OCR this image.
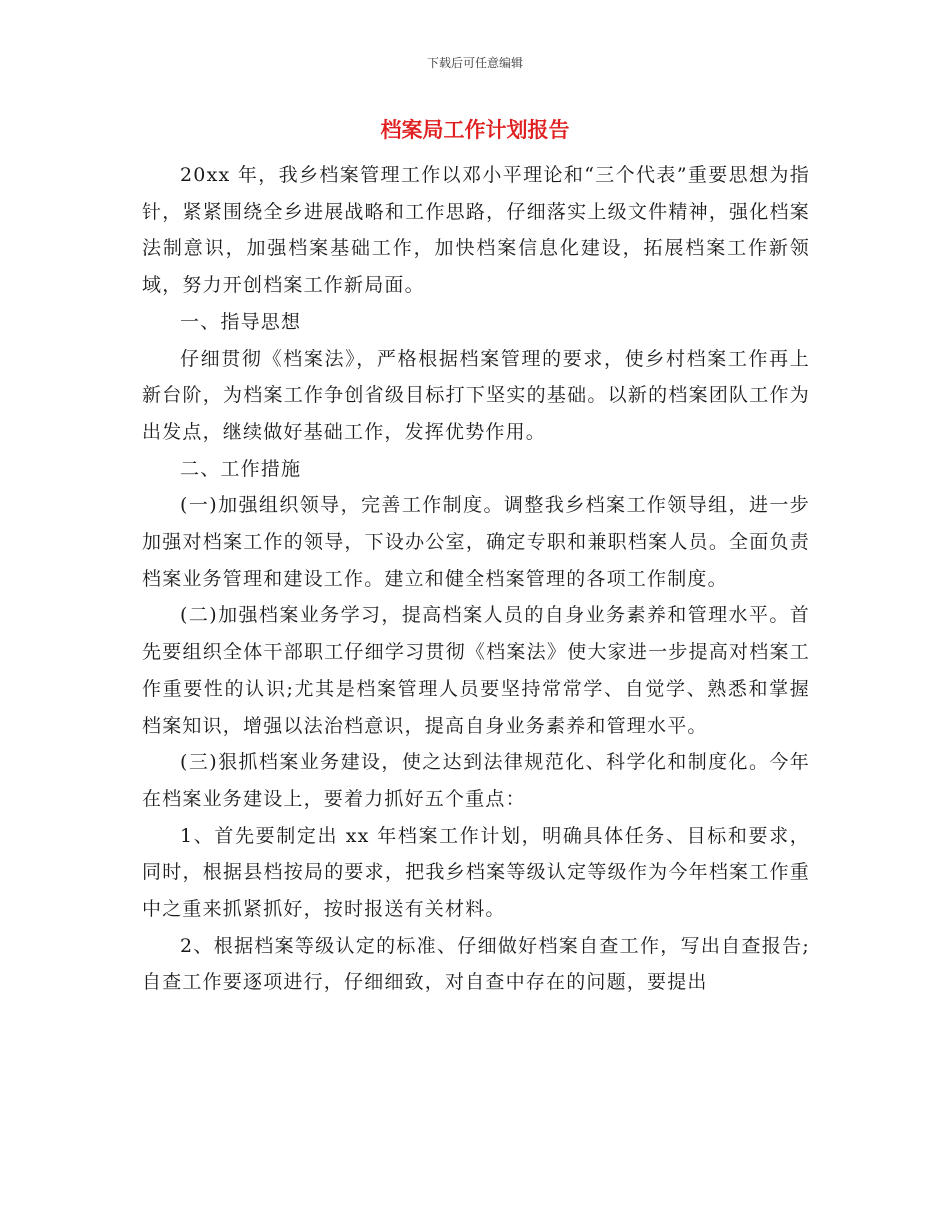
下载后可任意编辑
档案局工作计划报告

20xx 年，我乡档案管理工作以邓小平理论和“三个代表”重要思想为指针，紧紧围绕全乡进展战略和工作思路，仔细落实上级文件精神，强化档案法制意识，加强档案基础工作，加快档案信息化建设，拓展档案工作新领域，努力开创档案工作新局面。

一、指导思想

仔细贯彻《档案法》，严格根据档案管理的要求，使乡村档案工作再上新台阶，为档案工作争创省级目标打下坚实的基础。以新的档案团队工作为出发点，继续做好基础工作，发挥优势作用。

二、工作措施

(一)加强组织领导，完善工作制度。调整我乡档案工作领导组，进一步加强对档案工作的领导，下设办公室，确定专职和兼职档案人员。全面负责档案业务管理和建设工作。建立和健全档案管理的各项工作制度。

(二)加强档案业务学习，提高档案人员的自身业务素养和管理水平。首先要组织全体干部职工仔细学习贯彻《档案法》使大家进一步提高对档案工作重要性的认识;尤其是档案管理人员要坚持常常学、自觉学、熟悉和掌握档案知识，增强以法治档意识，提高自身业务素养和管理水平。

(三)狠抓档案业务建设，使之达到法律规范化、科学化和制度化。今年在档案业务建设上，要着力抓好五个重点：

1、首先要制定出 xx 年档案工作计划，明确具体任务、目标和要求，同时，根据县档按局的要求，把我乡档案等级认定等级作为今年档案工作重中之重来抓紧抓好，按时报送有关材料。

2、根据档案等级认定的标准、仔细做好档案自查工作，写出自查报告;自查工作要逐项进行，仔细细致，对自查中存在的问题，要提出
